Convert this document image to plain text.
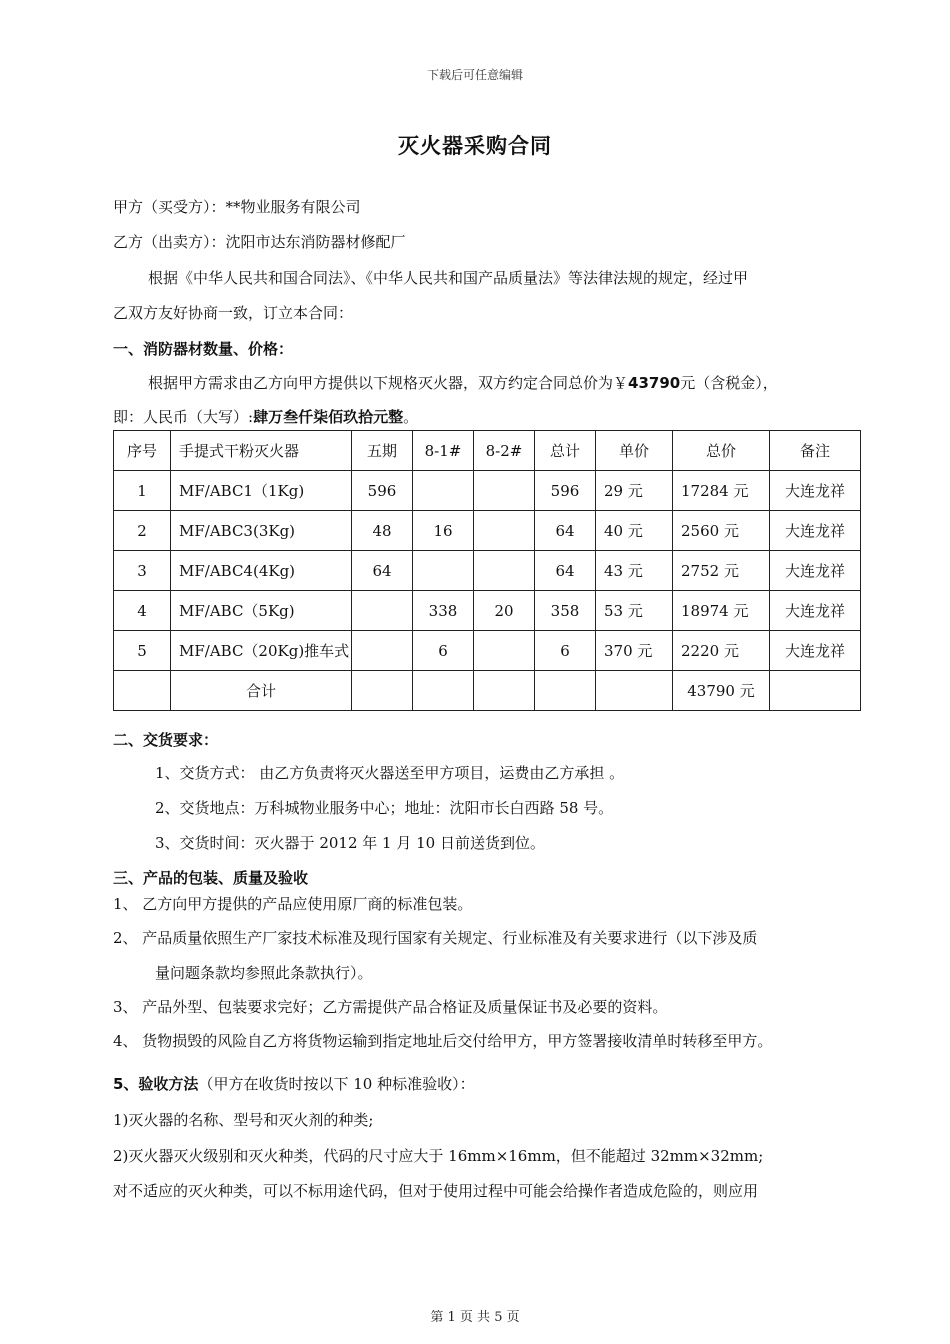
下载后可任意编辑
灭火器采购合同
甲方（买受方）：**物业服务有限公司
乙方（出卖方）：沈阳市达东消防器材修配厂
根据《中华人民共和国合同法》、《中华人民共和国产品质量法》等法律法规的规定，经过甲
乙双方友好协商一致，订立本合同：
一、消防器材数量、价格：
根据甲方需求由乙方向甲方提供以下规格灭火器，双方约定合同总价为￥43790元（含税金），
即：人民币（大写）:肆万叁仟柒佰玖拾元整。
序号	手提式干粉灭火器	五期	8-1#	8-2#	总计	单价	总价	备注
1	MF/ABC1（1Kg)	596			596	29 元	17284 元	大连龙祥
2	MF/ABC3(3Kg)	48	16		64	40 元	2560 元	大连龙祥
3	MF/ABC4(4Kg)	64			64	43 元	2752 元	大连龙祥
4	MF/ABC（5Kg)		338	20	358	53 元	18974 元	大连龙祥
5	MF/ABC（20Kg)推车式		6		6	370 元	2220 元	大连龙祥
	合计						43790 元	
二、交货要求：
1、交货方式： 由乙方负责将灭火器送至甲方项目，运费由乙方承担 。
2、交货地点：万科城物业服务中心；地址：沈阳市长白西路 58 号。
3、交货时间：灭火器于 2012 年 1 月 10 日前送货到位。
三、产品的包装、质量及验收
1、 乙方向甲方提供的产品应使用原厂商的标准包装。
2、 产品质量依照生产厂家技术标准及现行国家有关规定、行业标准及有关要求进行（以下涉及质
量问题条款均参照此条款执行）。
3、 产品外型、包装要求完好；乙方需提供产品合格证及质量保证书及必要的资料。
4、 货物损毁的风险自乙方将货物运输到指定地址后交付给甲方，甲方签署接收清单时转移至甲方。
5、验收方法（甲方在收货时按以下 10 种标准验收）：
1)灭火器的名称、型号和灭火剂的种类;
2)灭火器灭火级别和灭火种类，代码的尺寸应大于 16mm×16mm，但不能超过 32mm×32mm;
对不适应的灭火种类，可以不标用途代码，但对于使用过程中可能会给操作者造成危险的，则应用
第 1 页 共 5 页
